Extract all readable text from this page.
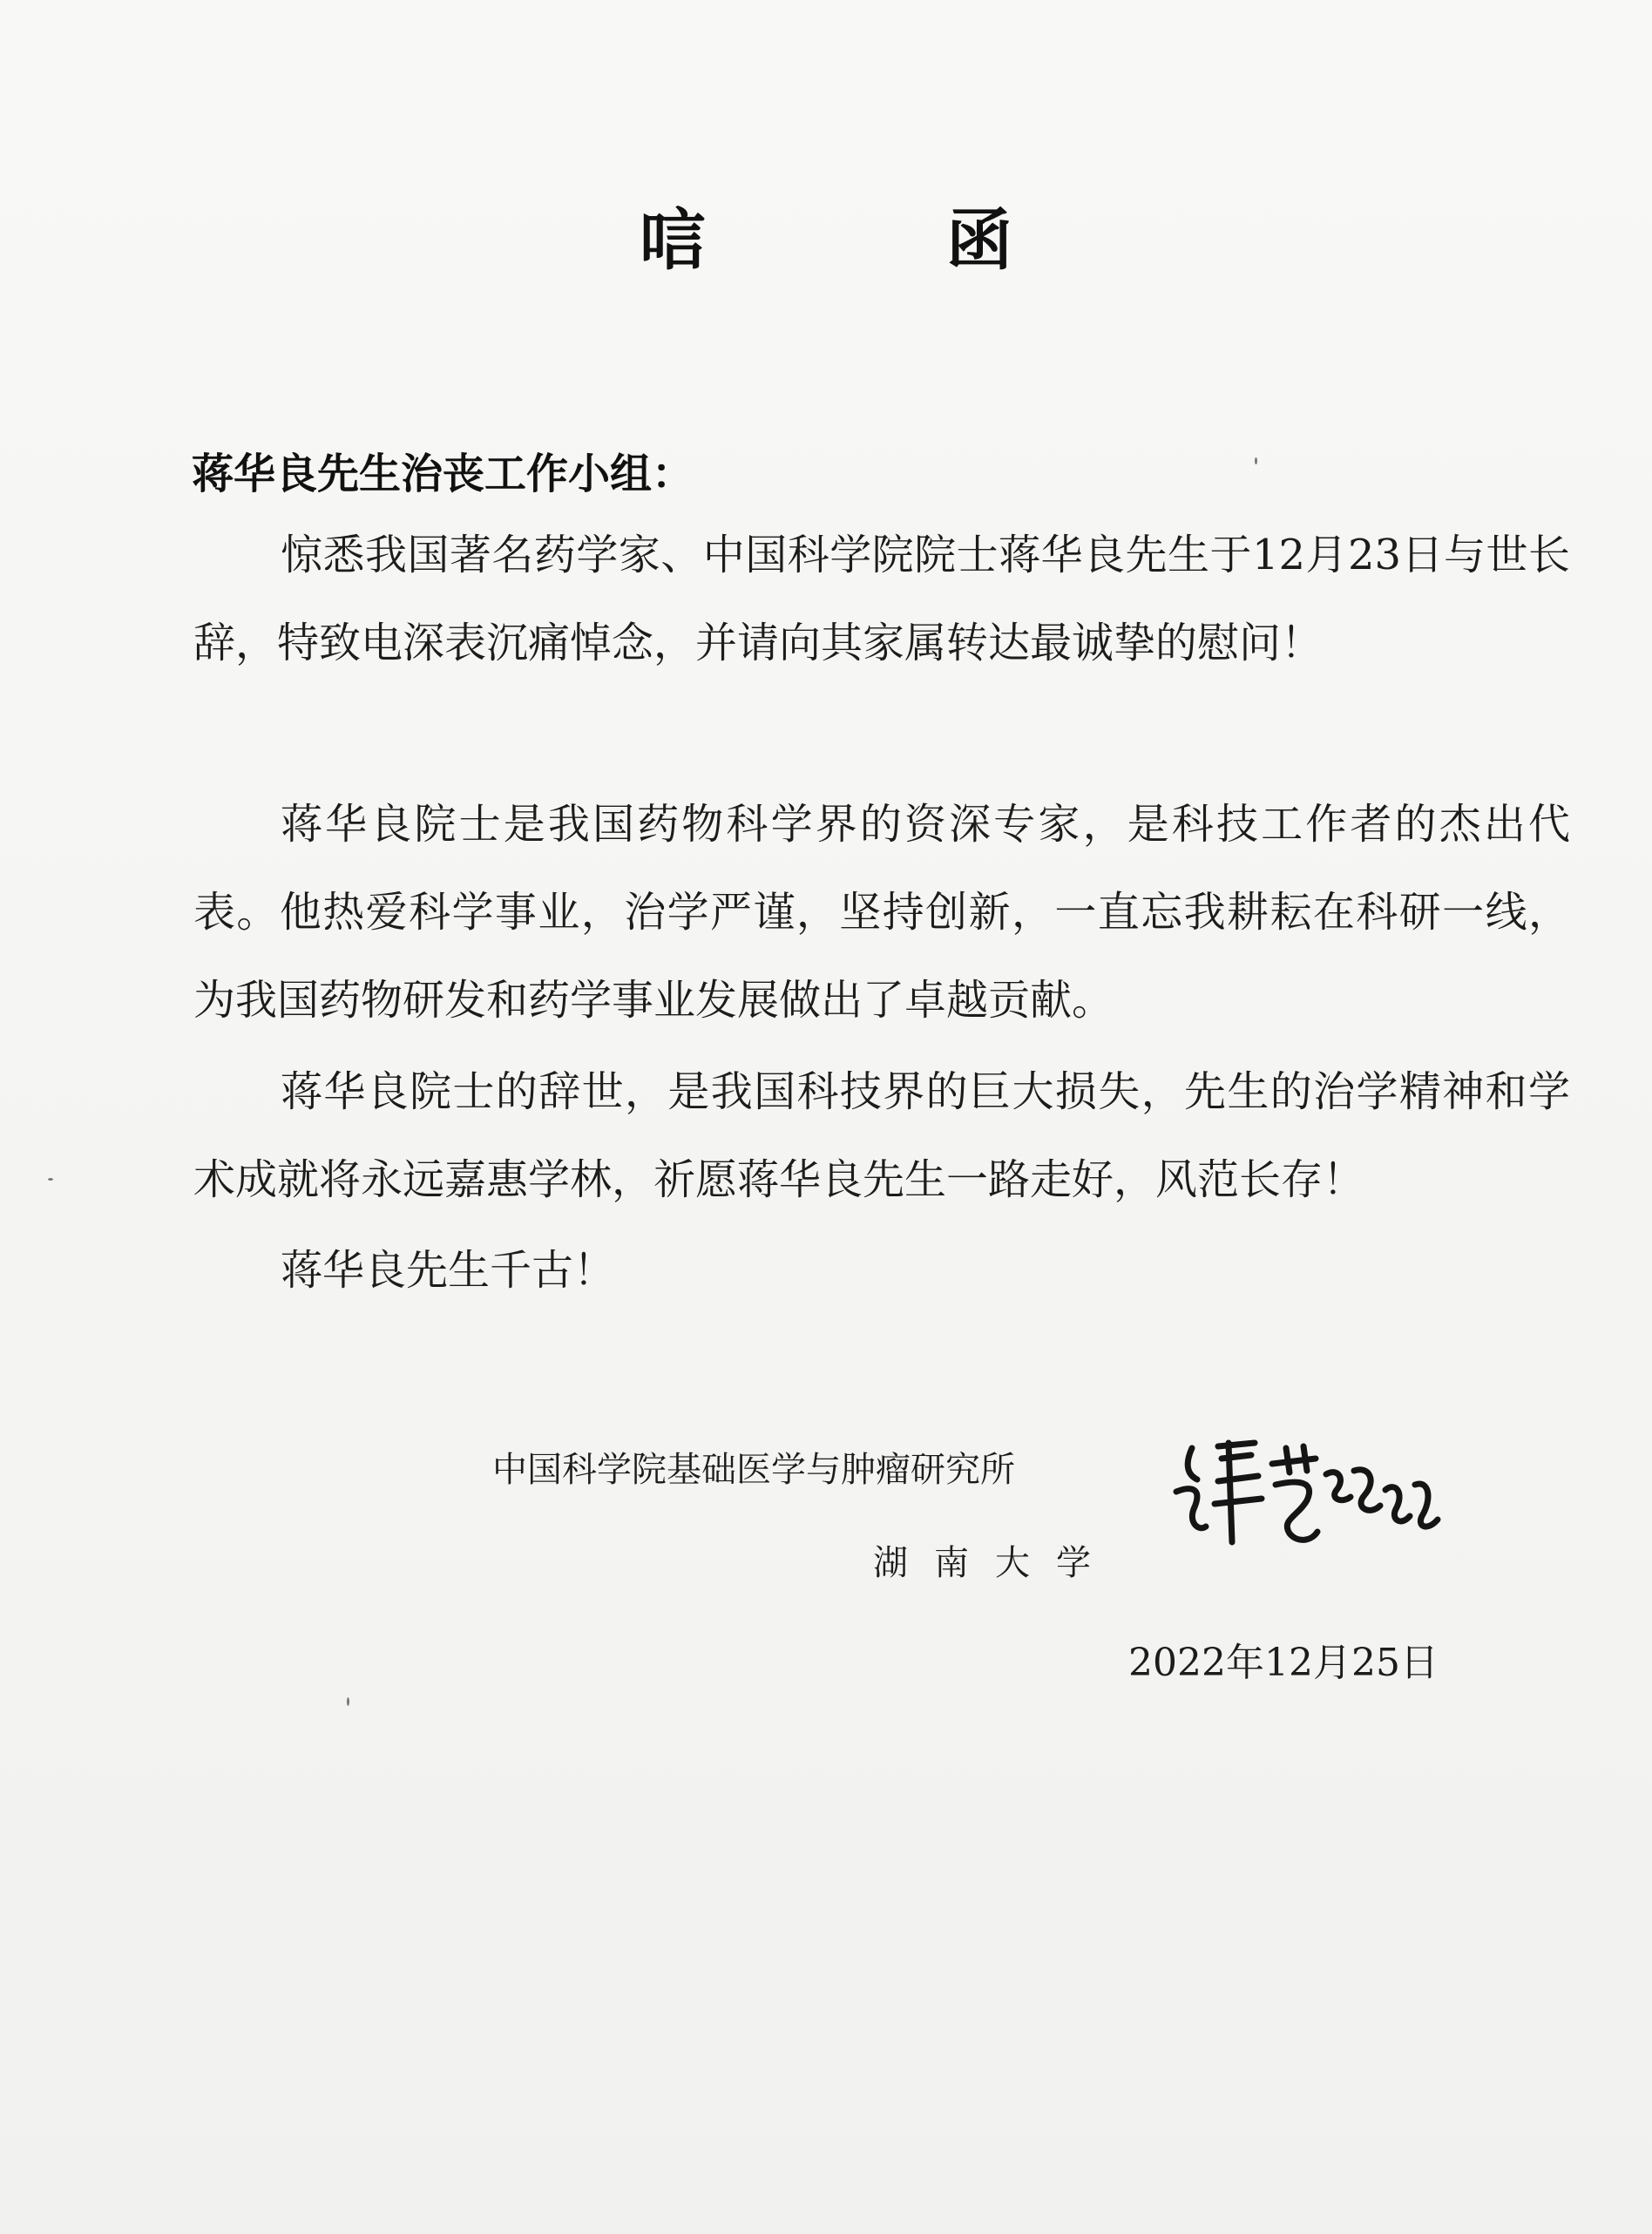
唁　函
蒋华良先生治丧工作小组：

惊悉我国著名药学家、中国科学院院士蒋华良先生于12月23日与世长辞，特致电深表沉痛悼念，并请向其家属转达最诚挚的慰问！

蒋华良院士是我国药物科学界的资深专家，是科技工作者的杰出代表。他热爱科学事业，治学严谨，坚持创新，一直忘我耕耘在科研一线，为我国药物研发和药学事业发展做出了卓越贡献。

蒋华良院士的辞世，是我国科技界的巨大损失，先生的治学精神和学术成就将永远嘉惠学林，祈愿蒋华良先生一路走好，风范长存！

蒋华良先生千古！

中国科学院基础医学与肿瘤研究所
湖南大学
2022年12月25日
